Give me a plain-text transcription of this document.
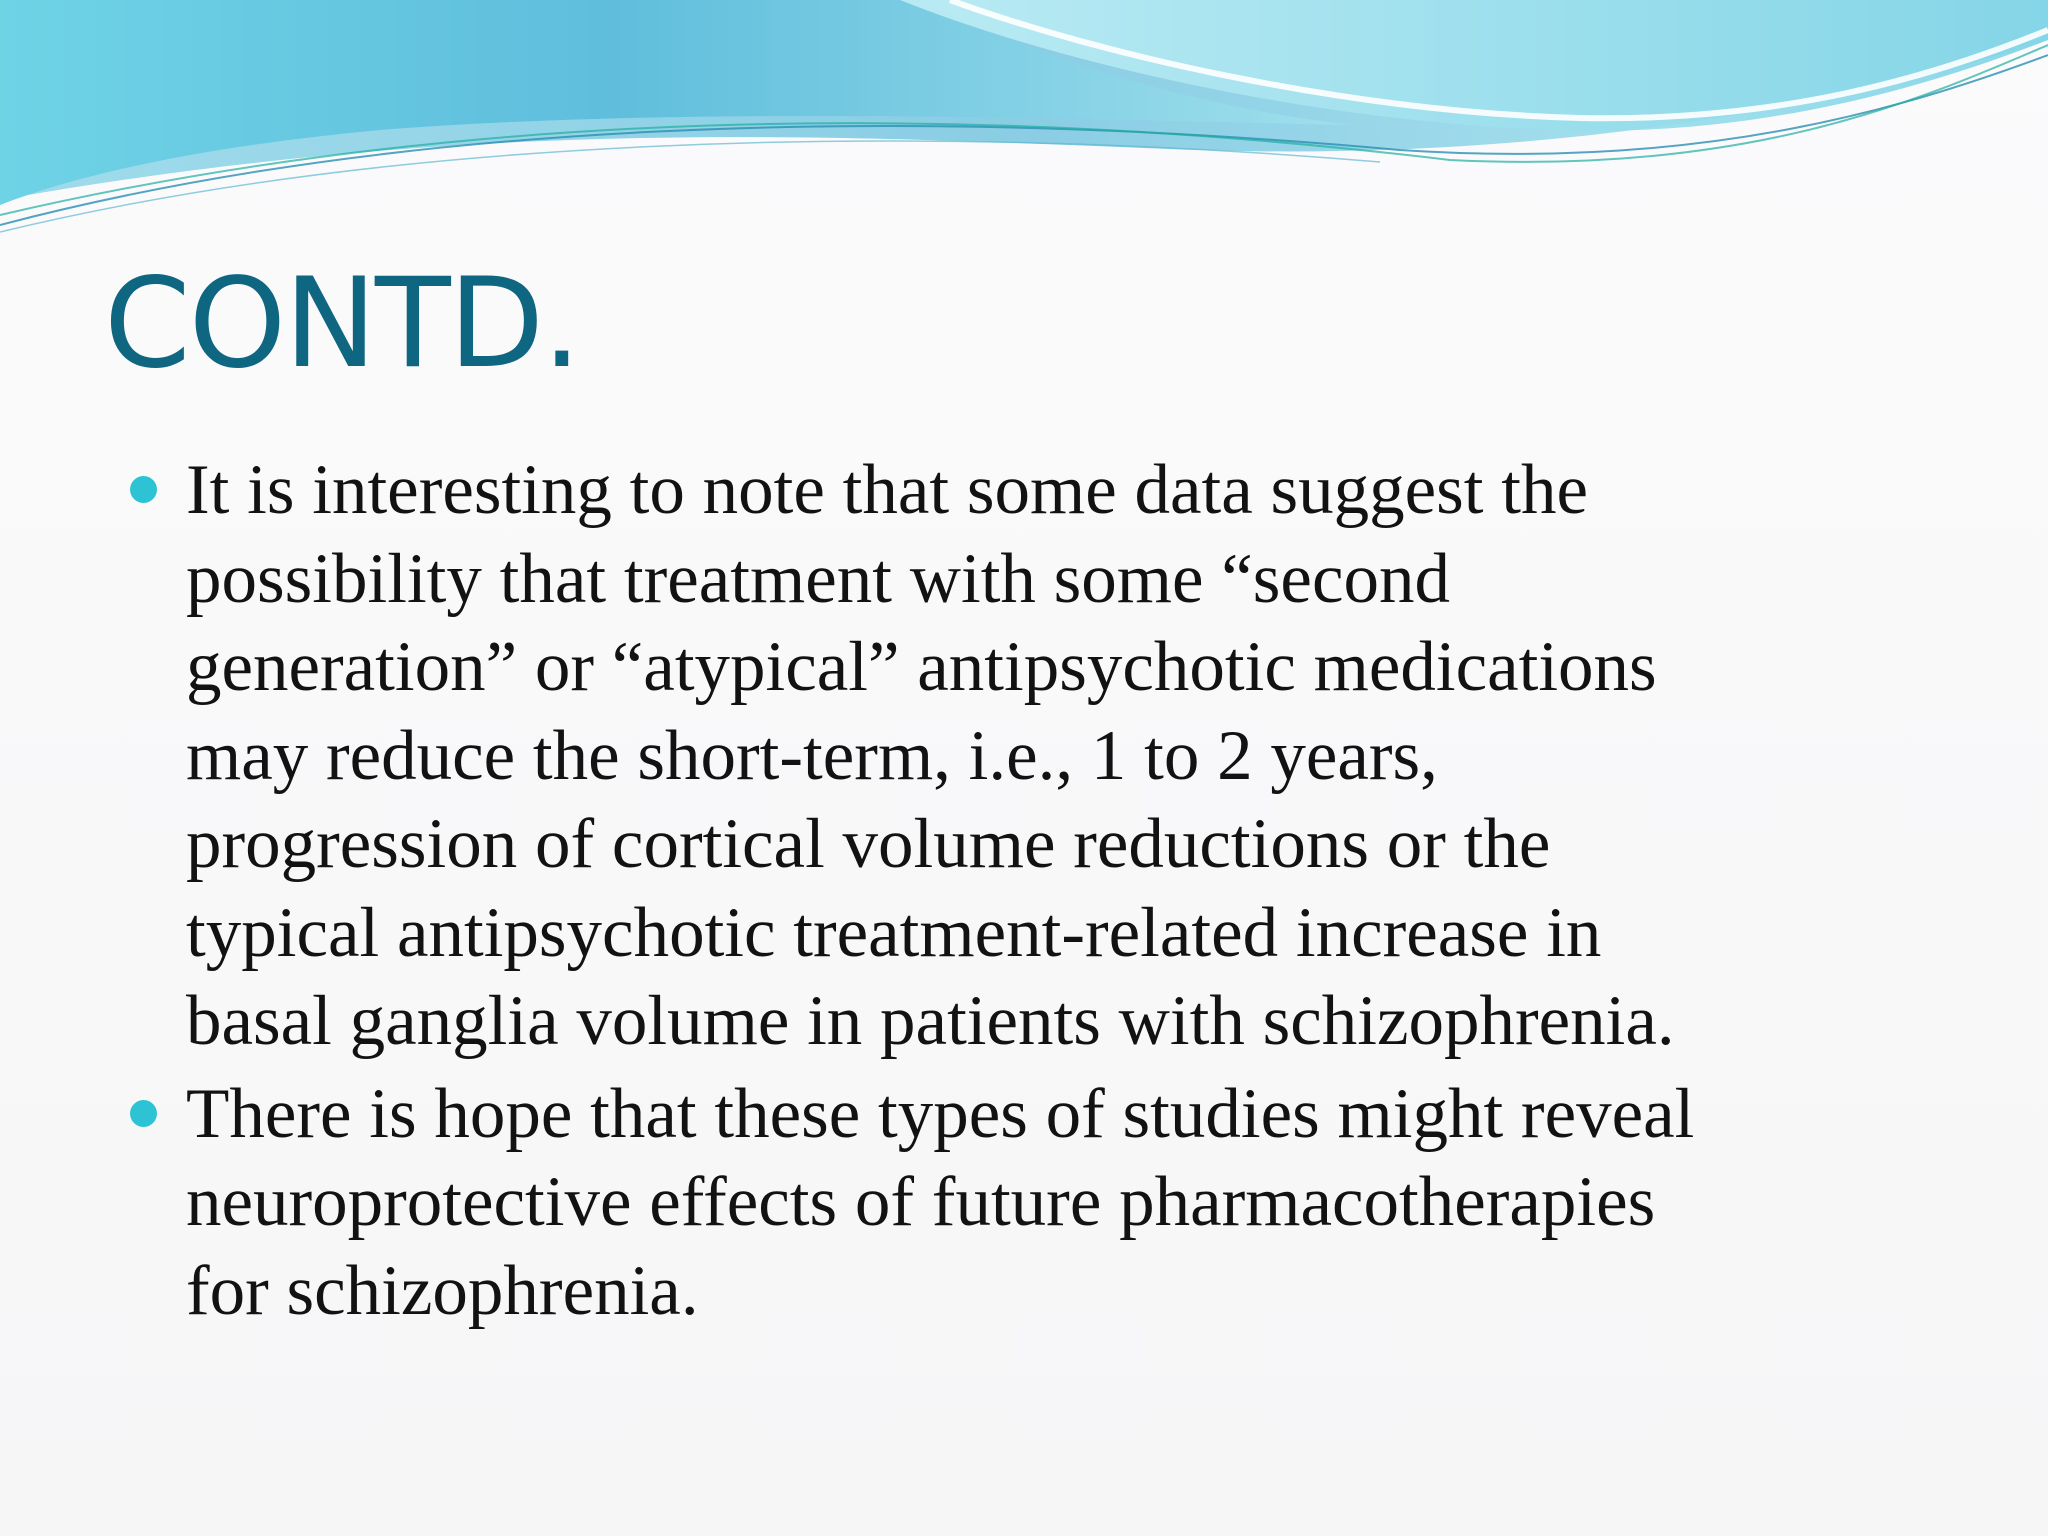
CONTD.
It is interesting to note that some data suggest the
possibility that treatment with some “second
generation” or “atypical” antipsychotic medications
may reduce the short-term, i.e., 1 to 2 years,
progression of cortical volume reductions or the
typical antipsychotic treatment-related increase in
basal ganglia volume in patients with schizophrenia.
There is hope that these types of studies might reveal
neuroprotective effects of future pharmacotherapies
for schizophrenia.
